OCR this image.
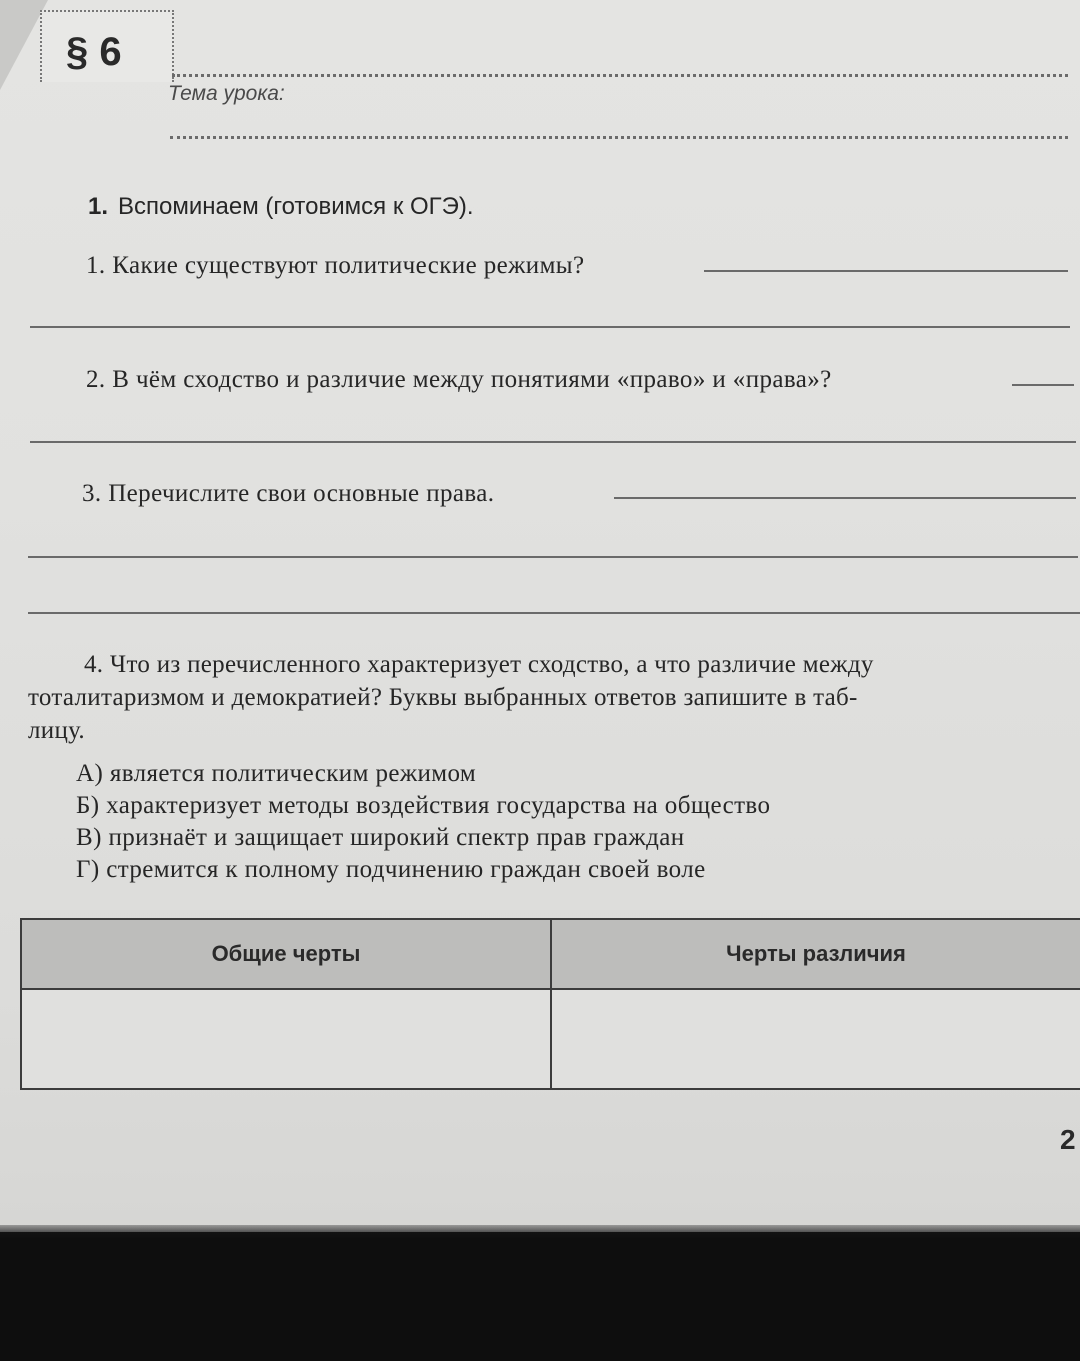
§ 6
Тема урока:
1. Вспоминаем (готовимся к ОГЭ).
1. Какие существуют политические режимы?
2. В чём сходство и различие между понятиями «право» и «права»?
3. Перечислите свои основные права.
4. Что из перечисленного характеризует сходство, а что различие между
тоталитаризмом и демократией? Буквы выбранных ответов запишите в таб-
лицу.
А) является политическим режимом
Б) характеризует методы воздействия государства на общество
В) признаёт и защищает широкий спектр прав граждан
Г) стремится к полному подчинению граждан своей воле
Общие черты	Черты различия

2
